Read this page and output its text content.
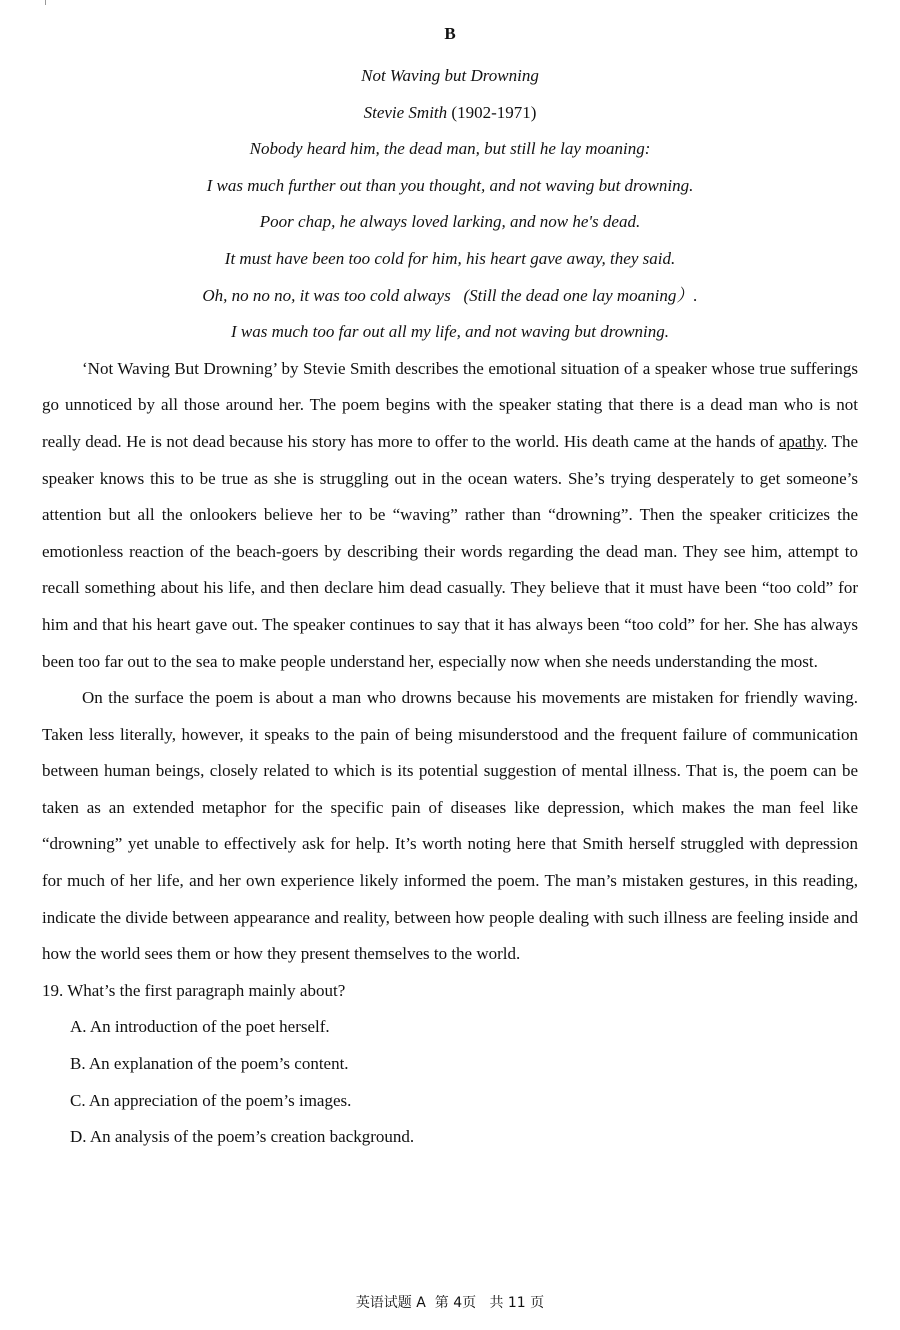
B

Not Waving but Drowning

Stevie Smith (1902-1971)

Nobody heard him, the dead man, but still he lay moaning:

I was much further out than you thought, and not waving but drowning.

Poor chap, he always loved larking, and now he's dead.

It must have been too cold for him, his heart gave away, they said.

Oh, no no no, it was too cold always   (Still the dead one lay moaning）.

I was much too far out all my life, and not waving but drowning.

‘Not Waving But Drowning’ by Stevie Smith describes the emotional situation of a speaker whose true sufferings go unnoticed by all those around her. The poem begins with the speaker stating that there is a dead man who is not really dead. He is not dead because his story has more to offer to the world. His death came at the hands of apathy. The speaker knows this to be true as she is struggling out in the ocean waters. She’s trying desperately to get someone’s attention but all the onlookers believe her to be “waving” rather than “drowning”. Then the speaker criticizes the emotionless reaction of the beach-goers by describing their words regarding the dead man. They see him, attempt to recall something about his life, and then declare him dead casually. They believe that it must have been “too cold” for him and that his heart gave out. The speaker continues to say that it has always been “too cold” for her. She has always been too far out to the sea to make people understand her, especially now when she needs understanding the most.

On the surface the poem is about a man who drowns because his movements are mistaken for friendly waving. Taken less literally, however, it speaks to the pain of being misunderstood and the frequent failure of communication between human beings, closely related to which is its potential suggestion of mental illness. That is, the poem can be taken as an extended metaphor for the specific pain of diseases like depression, which makes the man feel like “drowning” yet unable to effectively ask for help. It’s worth noting here that Smith herself struggled with depression for much of her life, and her own experience likely informed the poem. The man’s mistaken gestures, in this reading, indicate the divide between appearance and reality, between how people dealing with such illness are feeling inside and how the world sees them or how they present themselves to the world.

19. What’s the first paragraph mainly about?

A. An introduction of the poet herself.

B. An explanation of the poem’s content.

C. An appreciation of the poem’s images.

D. An analysis of the poem’s creation background.

英语试题 A  第 4页   共 11 页
